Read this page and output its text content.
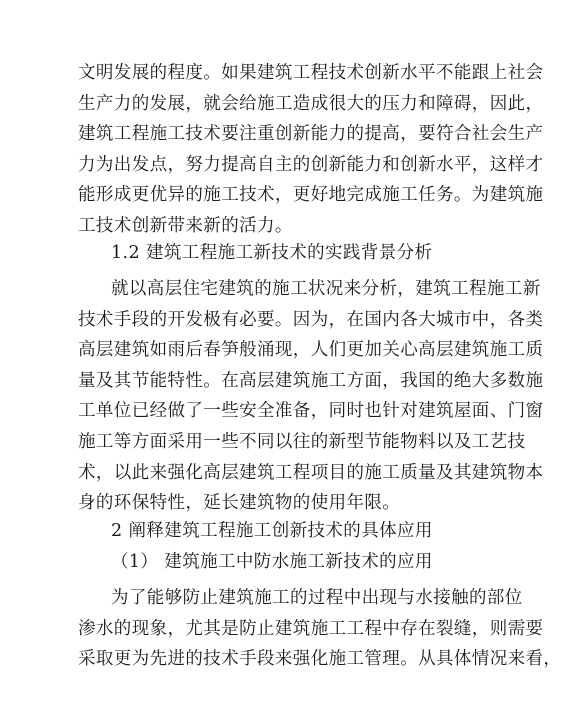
文明发展的程度。如果建筑工程技术创新水平不能跟上社会
生产力的发展，就会给施工造成很大的压力和障碍，因此，
建筑工程施工技术要注重创新能力的提高，要符合社会生产
力为出发点，努力提高自主的创新能力和创新水平，这样才
能形成更优异的施工技术，更好地完成施工任务。为建筑施
工技术创新带来新的活力。
1.2 建筑工程施工新技术的实践背景分析
就以高层住宅建筑的施工状况来分析，建筑工程施工新
技术手段的开发极有必要。因为，在国内各大城市中，各类
高层建筑如雨后春笋般涌现，人们更加关心高层建筑施工质
量及其节能特性。在高层建筑施工方面，我国的绝大多数施
工单位已经做了一些安全准备，同时也针对建筑屋面、门窗
施工等方面采用一些不同以往的新型节能物料以及工艺技
术，以此来强化高层建筑工程项目的施工质量及其建筑物本
身的环保特性，延长建筑物的使用年限。
2 阐释建筑工程施工创新技术的具体应用
（1） 建筑施工中防水施工新技术的应用
为了能够防止建筑施工的过程中出现与水接触的部位
渗水的现象，尤其是防止建筑施工工程中存在裂缝，则需要
采取更为先进的技术手段来强化施工管理。从具体情况来看，
